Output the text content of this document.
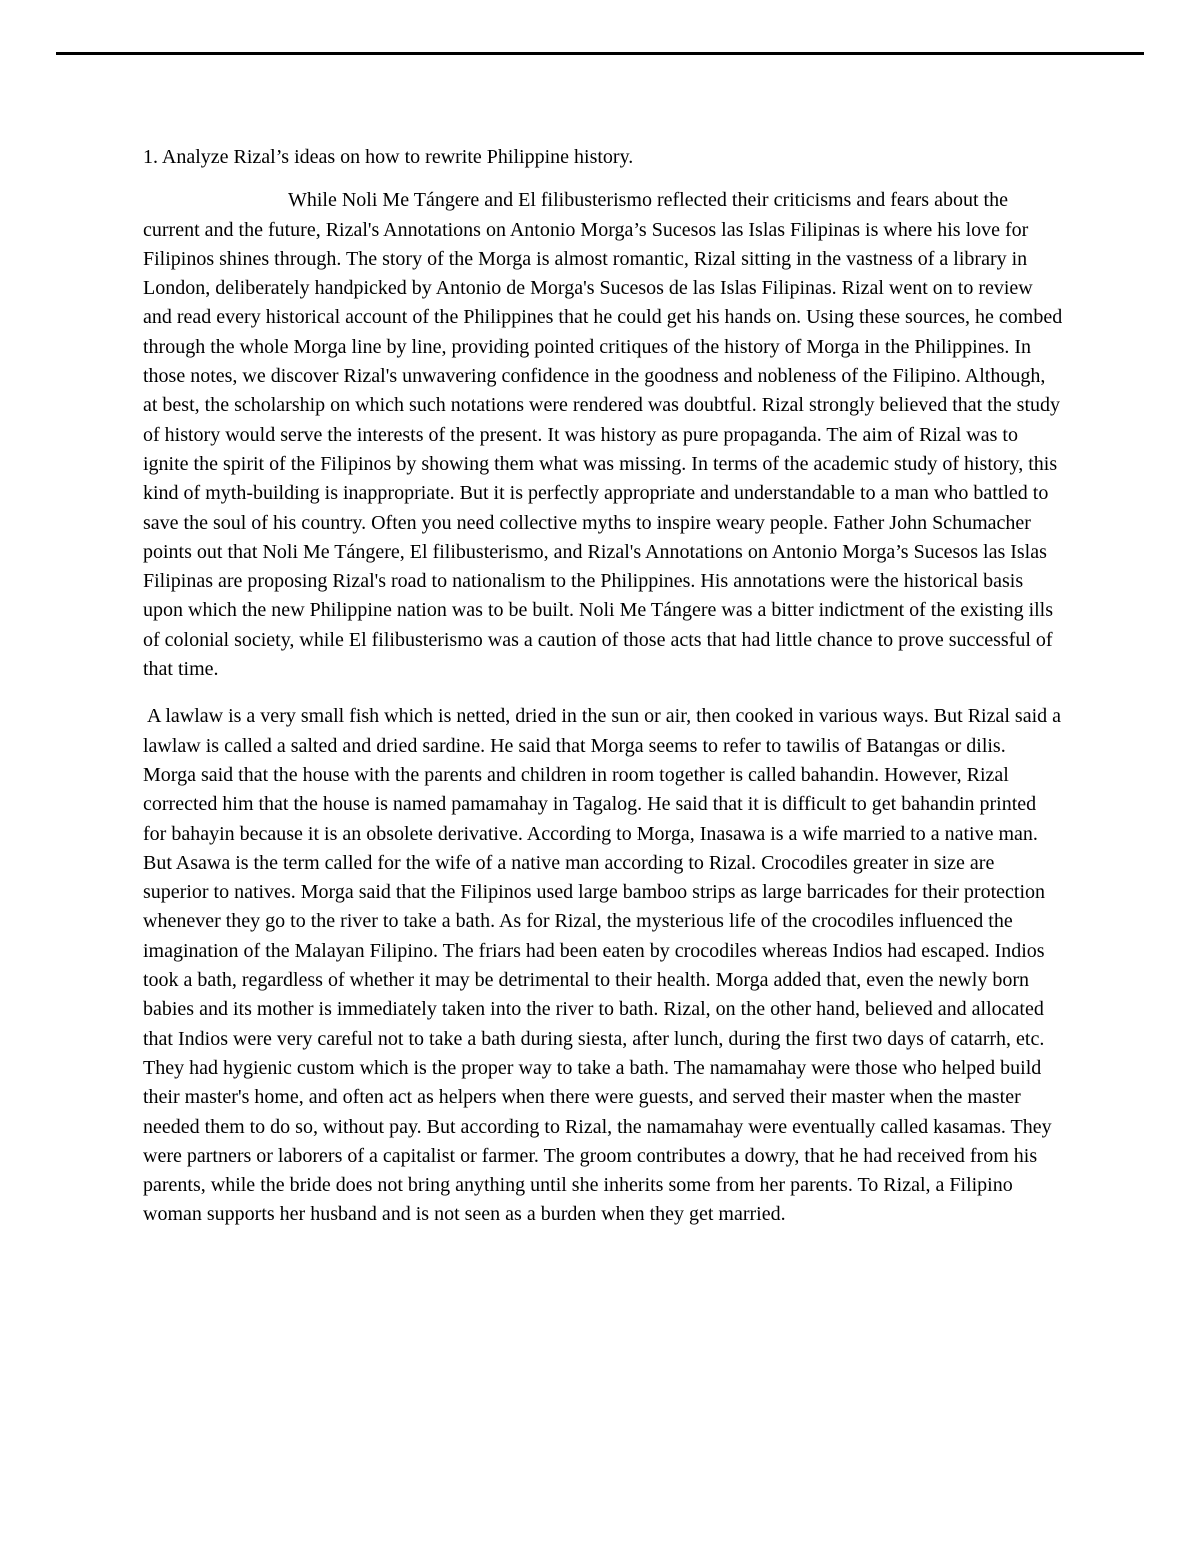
1. Analyze Rizal’s ideas on how to rewrite Philippine history.

While Noli Me Tángere and El filibusterismo reflected their criticisms and fears about the current and the future, Rizal's Annotations on Antonio Morga’s Sucesos las Islas Filipinas is where his love for Filipinos shines through. The story of the Morga is almost romantic, Rizal sitting in the vastness of a library in London, deliberately handpicked by Antonio de Morga's Sucesos de las Islas Filipinas. Rizal went on to review and read every historical account of the Philippines that he could get his hands on. Using these sources, he combed through the whole Morga line by line, providing pointed critiques of the history of Morga in the Philippines. In those notes, we discover Rizal's unwavering confidence in the goodness and nobleness of the Filipino. Although, at best, the scholarship on which such notations were rendered was doubtful. Rizal strongly believed that the study of history would serve the interests of the present. It was history as pure propaganda. The aim of Rizal was to ignite the spirit of the Filipinos by showing them what was missing. In terms of the academic study of history, this kind of myth-building is inappropriate. But it is perfectly appropriate and understandable to a man who battled to save the soul of his country. Often you need collective myths to inspire weary people. Father John Schumacher points out that Noli Me Tángere, El filibusterismo, and Rizal's Annotations on Antonio Morga’s Sucesos las Islas Filipinas are proposing Rizal's road to nationalism to the Philippines. His annotations were the historical basis upon which the new Philippine nation was to be built. Noli Me Tángere was a bitter indictment of the existing ills of colonial society, while El filibusterismo was a caution of those acts that had little chance to prove successful of that time.

A lawlaw is a very small fish which is netted, dried in the sun or air, then cooked in various ways. But Rizal said a lawlaw is called a salted and dried sardine. He said that Morga seems to refer to tawilis of Batangas or dilis. Morga said that the house with the parents and children in room together is called bahandin. However, Rizal corrected him that the house is named pamamahay in Tagalog. He said that it is difficult to get bahandin printed for bahayin because it is an obsolete derivative. According to Morga, Inasawa is a wife married to a native man. But Asawa is the term called for the wife of a native man according to Rizal. Crocodiles greater in size are superior to natives. Morga said that the Filipinos used large bamboo strips as large barricades for their protection whenever they go to the river to take a bath. As for Rizal, the mysterious life of the crocodiles influenced the imagination of the Malayan Filipino. The friars had been eaten by crocodiles whereas Indios had escaped. Indios took a bath, regardless of whether it may be detrimental to their health. Morga added that, even the newly born babies and its mother is immediately taken into the river to bath. Rizal, on the other hand, believed and allocated that Indios were very careful not to take a bath during siesta, after lunch, during the first two days of catarrh, etc. They had hygienic custom which is the proper way to take a bath. The namamahay were those who helped build their master's home, and often act as helpers when there were guests, and served their master when the master needed them to do so, without pay. But according to Rizal, the namamahay were eventually called kasamas. They were partners or laborers of a capitalist or farmer. The groom contributes a dowry, that he had received from his parents, while the bride does not bring anything until she inherits some from her parents. To Rizal, a Filipino woman supports her husband and is not seen as a burden when they get married.
